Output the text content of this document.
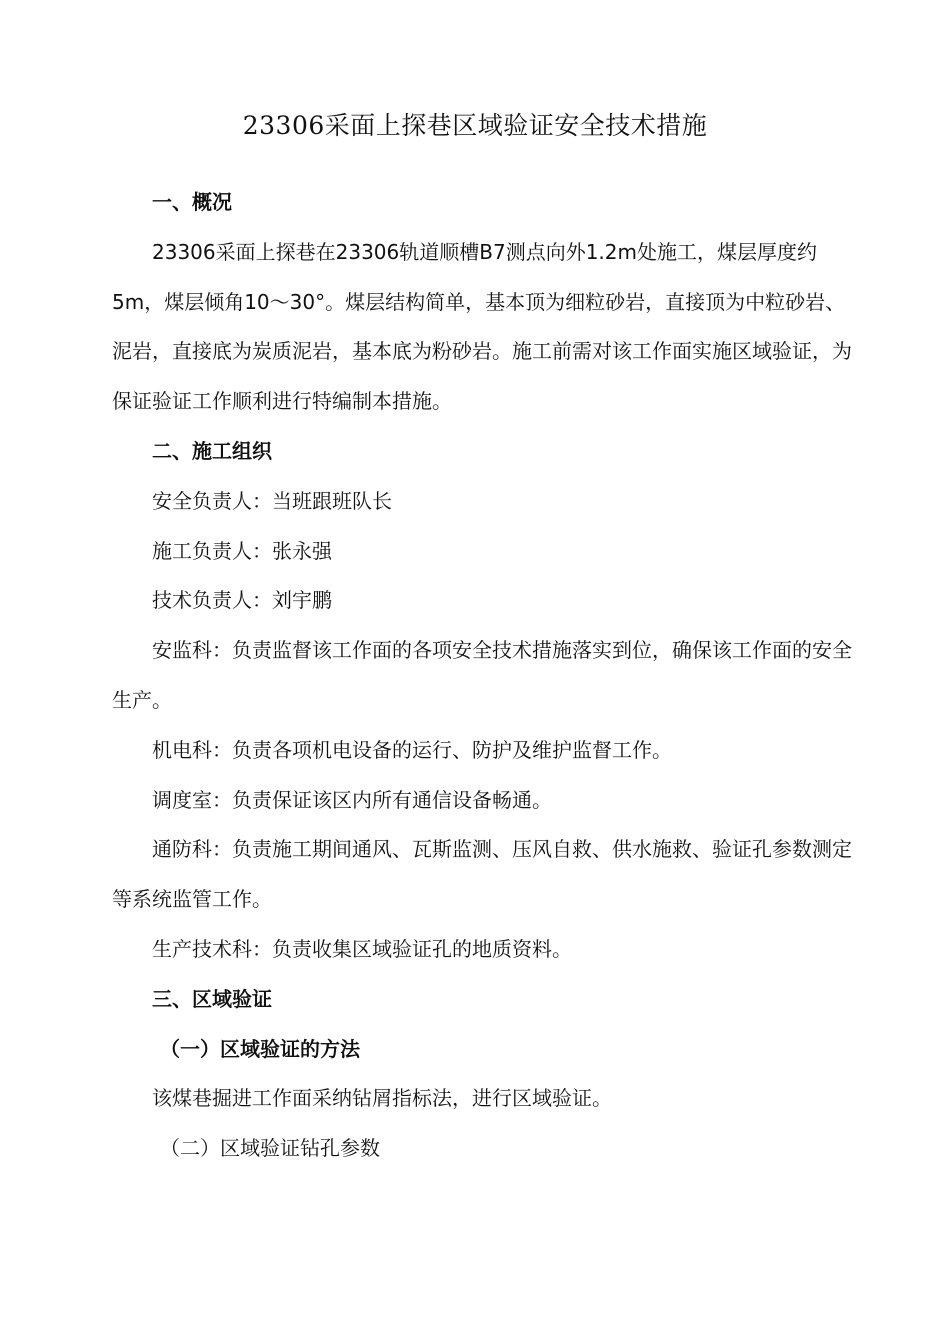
23306采面上探巷区域验证安全技术措施

一、概况

23306采面上探巷在23306轨道顺槽B7测点向外1.2m处施工，煤层厚度约5m，煤层倾角10～30°。煤层结构简单，基本顶为细粒砂岩，直接顶为中粒砂岩、泥岩，直接底为炭质泥岩，基本底为粉砂岩。施工前需对该工作面实施区域验证，为保证验证工作顺利进行特编制本措施。

二、施工组织

安全负责人：当班跟班队长

施工负责人：张永强

技术负责人：刘宇鹏

安监科：负责监督该工作面的各项安全技术措施落实到位，确保该工作面的安全生产。

机电科：负责各项机电设备的运行、防护及维护监督工作。

调度室：负责保证该区内所有通信设备畅通。

通防科：负责施工期间通风、瓦斯监测、压风自救、供水施救、验证孔参数测定等系统监管工作。

生产技术科：负责收集区域验证孔的地质资料。

三、区域验证

（一）区域验证的方法

该煤巷掘进工作面采纳钻屑指标法，进行区域验证。

（二）区域验证钻孔参数
